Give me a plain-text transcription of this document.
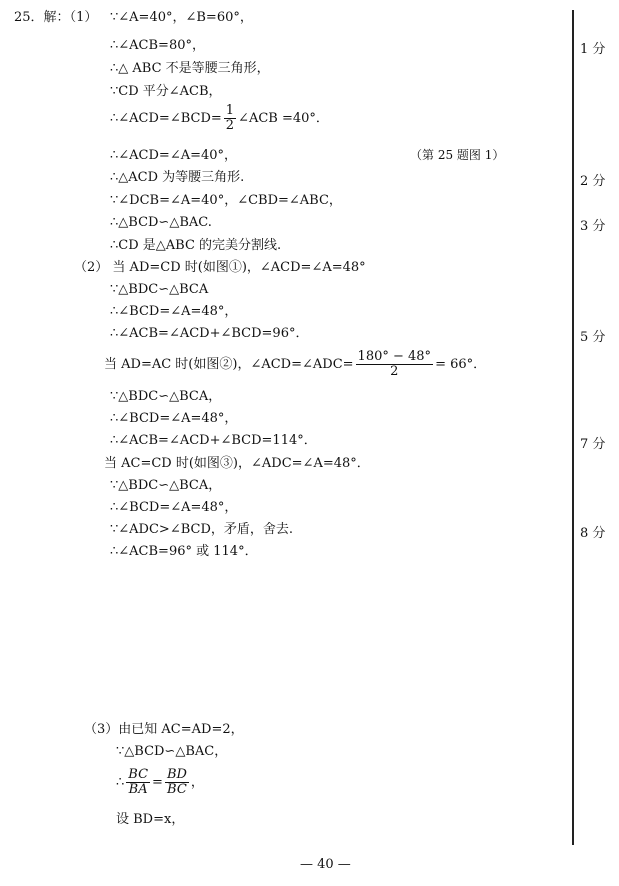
25．解：（1） ∵∠A=40°，∠B=60°，
∴∠ACB=80°，
∴△ ABC 不是等腰三角形，
∵CD 平分∠ACB，
∴∠ACD=∠BCD= $\frac{1}{2}$ ∠ACB =40°．
∴∠ACD=∠A=40°，
∴△ACD 为等腰三角形.
∵∠DCB=∠A=40°，∠CBD=∠ABC，
∴△BCD∽△BAC.
∴CD 是△ABC 的完美分割线.
C
A	D	B
（第 25 题图 1）
（2） 当 AD=CD 时(如图①)，∠ACD=∠A=48°
∵△BDC∽△BCA
∴∠BCD=∠A=48°，
∴∠ACB=∠ACD+∠BCD=96°．
当 AD=AC 时(如图②)，∠ACD=∠ADC= $\frac{180^\circ - 48^\circ}{2} = 66^\circ$．
∵△BDC∽△BCA，
∴∠BCD=∠A=48°，
∴∠ACB=∠ACD+∠BCD=114°．
当 AC=CD 时(如图③)，∠ADC=∠A=48°．
∵△BDC∽△BCA，
∴∠BCD=∠A=48°，
∵∠ADC>∠BCD，矛盾，舍去.
∴∠ACB=96° 或 114°．
C
A
D	B
①
C
A	D	B
②
C
A	D	B
③
（3）由已知 AC=AD=2，
∵△BCD∽△BAC，
∴ $\frac{BC}{BA} = \frac{BD}{BC}$ ，
设 BD=x，
1 分
2 分
3 分
5 分
7 分
8 分
— 40 —
